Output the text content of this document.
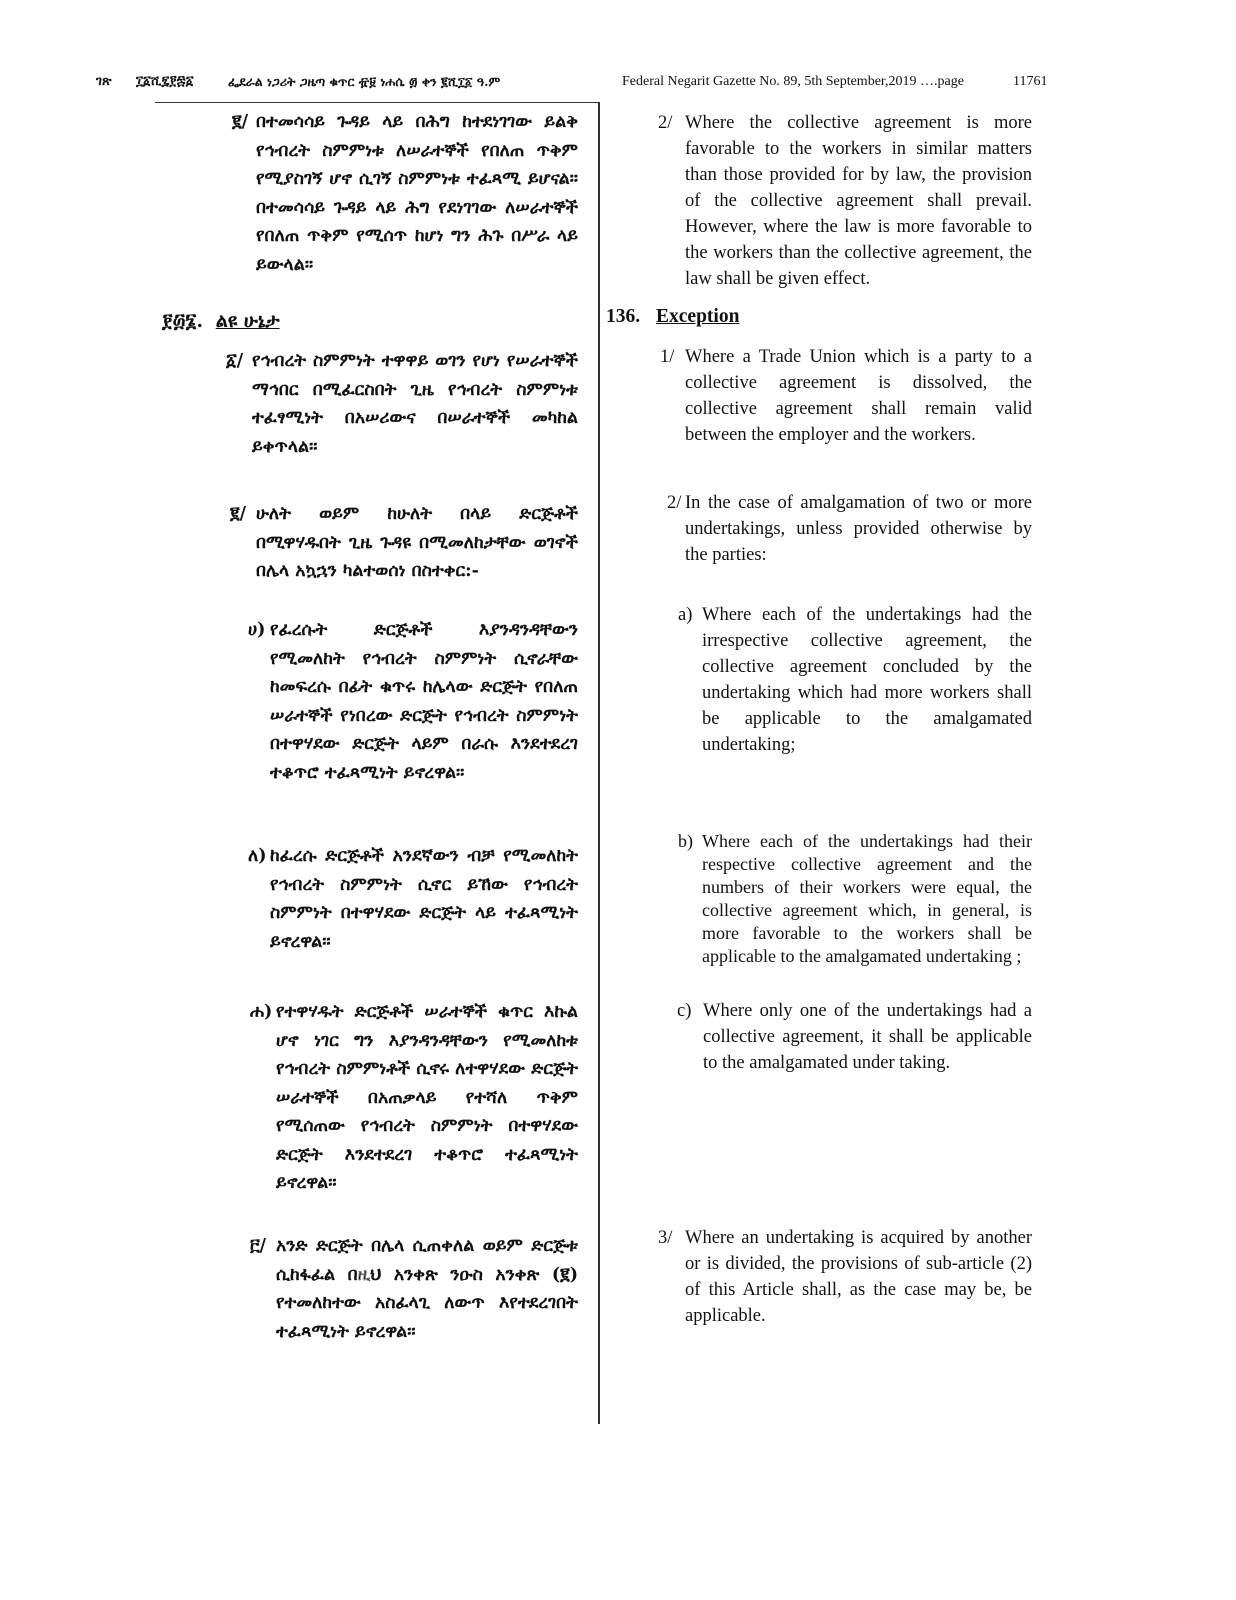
ገጽ ፲፩ሺ፯፻፷፩	ፌደራል ነጋሪት ጋዜጣ ቁጥር ፹፱ ነሐሴ ፴ ቀን ፪ሺ፲፩ ዓ.ም	Federal Negarit Gazette No. 89, 5th September,2019 ….page	11761
፪/ በተመሳሳይ ጉዳይ ላይ በሕግ ከተደነገገው ይልቅ የኅብረት ስምምነቱ ለሠራተኞች የበለጠ ጥቅም የሚያስገኝ ሆኖ ሲገኝ ስምምነቱ ተፈጻሚ ይሆናል፡፡ በተመሳሳይ ጉዳይ ላይ ሕግ የደነገገው ለሠራተኞች የበለጠ ጥቅም የሚሰጥ ከሆነ ግን ሕጉ በሥራ ላይ ይውላል፡፡
፻፴፮. ልዩ ሁኔታ
፩/ የኅብረት ስምምነት ተዋዋይ ወገን የሆነ የሠራተኞች ማኅበር በሚፈርስበት ጊዜ የኅብረት ስምምነቱ ተፈፃሚነት በአሠሪውና በሠራተኞች መካከል ይቀጥላል፡፡
፪/ ሁለት ወይም ከሁለት በላይ ድርጅቶች በሚዋሃዱበት ጊዜ ጉዳዩ በሚመለከታቸው ወገኖች በሌላ አኳኋን ካልተወሰነ በስተቀር:-
ሀ) የፈረሱት ድርጅቶች እያንዳንዳቸውን የሚመለከት የኅብረት ስምምነት ሲኖራቸው ከመፍረሱ በፊት ቁጥሩ ከሌላው ድርጅት የበለጠ ሠራተኞች የነበረው ድርጅት የኅብረት ስምምነት በተዋሃደው ድርጅት ላይም በራሱ እንደተደረገ ተቆጥሮ ተፈጻሚነት ይኖረዋል፡፡
ለ) ከፈረሱ ድርጅቶች አንደኛውን ብቻ የሚመለከት የኅብረት ስምምነት ሲኖር ይኸው የኅብረት ስምምነት በተዋሃደው ድርጅት ላይ ተፈጻሚነት ይኖረዋል፡፡
ሐ) የተዋሃዱት ድርጅቶች ሠራተኞች ቁጥር እኩል ሆኖ ነገር ግን እያንዳንዳቸውን የሚመለከቱ የኅብረት ስምምነቶች ሲኖሩ ለተዋሃደው ድርጅት ሠራተኞች በአጠቃላይ የተሻለ ጥቅም የሚሰጠው የኅብረት ስምምነት በተዋሃደው ድርጅት እንደተደረገ ተቆጥሮ ተፈጻሚነት ይኖረዋል፡፡
፫/ አንድ ድርጅት በሌላ ሲጠቀለል ወይም ድርጅቱ ሲከፋፈል በዚህ አንቀጽ ንዑስ አንቀጽ (፪) የተመለከተው አስፈላጊ ለውጥ እየተደረገበት ተፈጻሚነት ይኖረዋል፡፡
2/ Where the collective agreement is more favorable to the workers in similar matters than those provided for by law, the provision of the collective agreement shall prevail. However, where the law is more favorable to the workers than the collective agreement, the law shall be given effect.
136. Exception
1/ Where a Trade Union which is a party to a collective agreement is dissolved, the collective agreement shall remain valid between the employer and the workers.
2/ In the case of amalgamation of two or more undertakings, unless provided otherwise by the parties:
a) Where each of the undertakings had the irrespective collective agreement, the collective agreement concluded by the undertaking which had more workers shall be applicable to the amalgamated undertaking;
b) Where each of the undertakings had their respective collective agreement and the numbers of their workers were equal, the collective agreement which, in general, is more favorable to the workers shall be applicable to the amalgamated undertaking ;
c) Where only one of the undertakings had a collective agreement, it shall be applicable to the amalgamated under taking.
3/ Where an undertaking is acquired by another or is divided, the provisions of sub-article (2) of this Article shall, as the case may be, be applicable.
